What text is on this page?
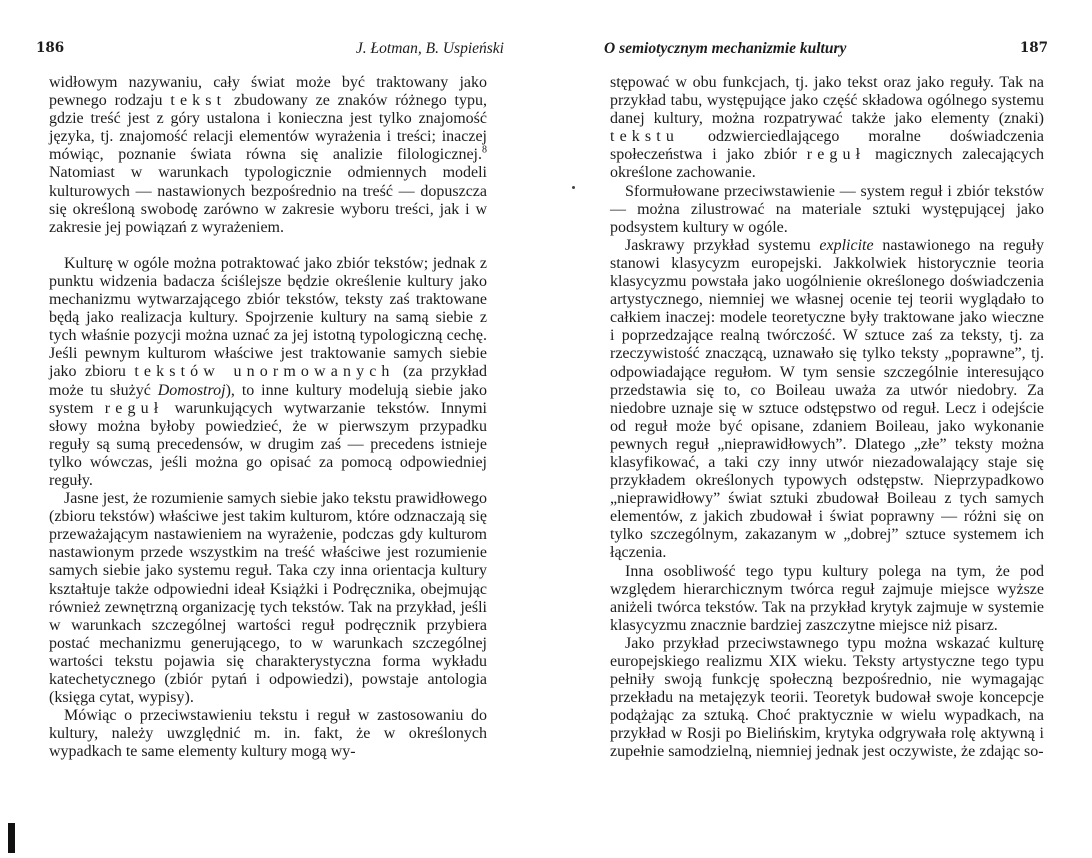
186	J. Łotman, B. Uspieński

widłowym nazywaniu, cały świat może być traktowany jako pewnego rodzaju tekst zbudowany ze znaków różnego typu, gdzie treść jest z góry ustalona i konieczna jest tylko znajomość języka, tj. znajomość relacji elementów wyrażenia i treści; inaczej mówiąc, poznanie świata równa się analizie filologicznej.$^8$ Natomiast w warunkach typologicznie odmiennych modeli kulturowych — nastawionych bezpośrednio na treść — dopuszcza się określoną swobodę zarówno w zakresie wyboru treści, jak i w zakresie jej powiązań z wyrażeniem.

Kulturę w ogóle można potraktować jako zbiór tekstów; jednak z punktu widzenia badacza ściślejsze będzie określenie kultury jako mechanizmu wytwarzającego zbiór tekstów, teksty zaś traktowane będą jako realizacja kultury. Spojrzenie kultury na samą siebie z tych właśnie pozycji można uznać za jej istotną typologiczną cechę. Jeśli pewnym kulturom właściwe jest traktowanie samych siebie jako zbioru tekstów unormowanych (za przykład może tu służyć Domostroj), to inne kultury modelują siebie jako system reguł warunkujących wytwarzanie tekstów. Innymi słowy można byłoby powiedzieć, że w pierwszym przypadku reguły są sumą precedensów, w drugim zaś — precedens istnieje tylko wówczas, jeśli można go opisać za pomocą odpowiedniej reguły.

Jasne jest, że rozumienie samych siebie jako tekstu prawidłowego (zbioru tekstów) właściwe jest takim kulturom, które odznaczają się przeważającym nastawieniem na wyrażenie, podczas gdy kulturom nastawionym przede wszystkim na treść właściwe jest rozumienie samych siebie jako systemu reguł. Taka czy inna orientacja kultury kształtuje także odpowiedni ideał Książki i Podręcznika, obejmując również zewnętrzną organizację tych tekstów. Tak na przykład, jeśli w warunkach szczególnej wartości reguł podręcznik przybiera postać mechanizmu generującego, to w warunkach szczególnej wartości tekstu pojawia się charakterystyczna forma wykładu katechetycznego (zbiór pytań i odpowiedzi), powstaje antologia (księga cytat, wypisy).

Mówiąc o przeciwstawieniu tekstu i reguł w zastosowaniu do kultury, należy uwzględnić m. in. fakt, że w określonych wypadkach te same elementy kultury mogą wy-

O semiotycznym mechanizmie kultury	187

stępować w obu funkcjach, tj. jako tekst oraz jako reguły. Tak na przykład tabu, występujące jako część składowa ogólnego systemu danej kultury, można rozpatrywać także jako elementy (znaki) tekstu odzwierciedlającego moralne doświadczenia społeczeństwa i jako zbiór reguł magicznych zalecających określone zachowanie.

Sformułowane przeciwstawienie — system reguł i zbiór tekstów — można zilustrować na materiale sztuki występującej jako podsystem kultury w ogóle.

Jaskrawy przykład systemu explicite nastawionego na reguły stanowi klasycyzm europejski. Jakkolwiek historycznie teoria klasycyzmu powstała jako uogólnienie określonego doświadczenia artystycznego, niemniej we własnej ocenie tej teorii wyglądało to całkiem inaczej: modele teoretyczne były traktowane jako wieczne i poprzedzające realną twórczość. W sztuce zaś za teksty, tj. za rzeczywistość znaczącą, uznawało się tylko teksty „poprawne”, tj. odpowiadające regułom. W tym sensie szczególnie interesująco przedstawia się to, co Boileau uważa za utwór niedobry. Za niedobre uznaje się w sztuce odstępstwo od reguł. Lecz i odejście od reguł może być opisane, zdaniem Boileau, jako wykonanie pewnych reguł „nieprawidłowych”. Dlatego „złe” teksty można klasyfikować, a taki czy inny utwór niezadowalający staje się przykładem określonych typowych odstępstw. Nieprzypadkowo „nieprawidłowy” świat sztuki zbudował Boileau z tych samych elementów, z jakich zbudował i świat poprawny — różni się on tylko szczególnym, zakazanym w „dobrej” sztuce systemem ich łączenia.

Inna osobliwość tego typu kultury polega na tym, że pod względem hierarchicznym twórca reguł zajmuje miejsce wyższe aniżeli twórca tekstów. Tak na przykład krytyk zajmuje w systemie klasycyzmu znacznie bardziej zaszczytne miejsce niż pisarz.

Jako przykład przeciwstawnego typu można wskazać kulturę europejskiego realizmu XIX wieku. Teksty artystyczne tego typu pełniły swoją funkcję społeczną bezpośrednio, nie wymagając przekładu na metajęzyk teorii. Teoretyk budował swoje koncepcje podążając za sztuką. Choć praktycznie w wielu wypadkach, na przykład w Rosji po Bielińskim, krytyka odgrywała rolę aktywną i zupełnie samodzielną, niemniej jednak jest oczywiste, że zdając so-
